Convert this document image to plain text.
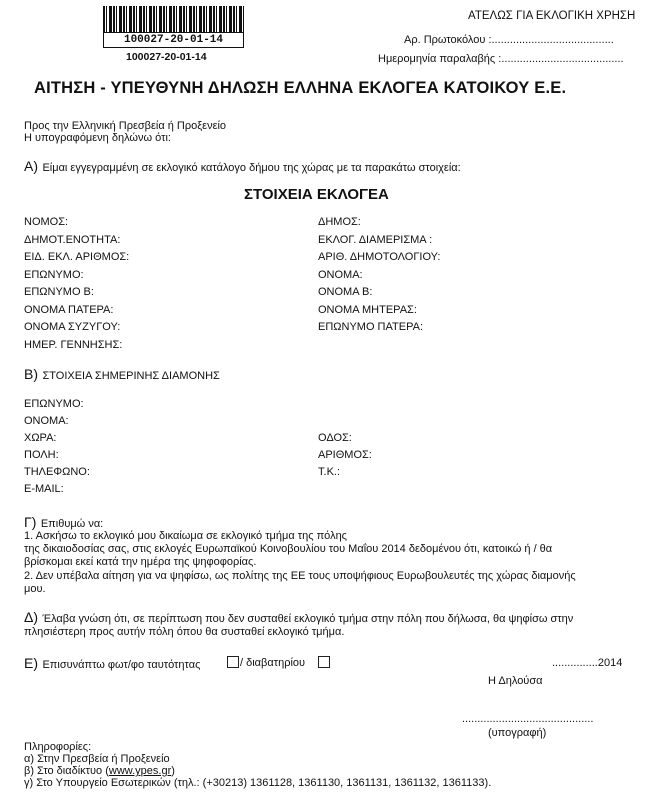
100027-20-01-14
100027-20-01-14
ΑΤΕΛΩΣ ΓΙΑ ΕΚΛΟΓΙΚΗ ΧΡΗΣΗ
Αρ. Πρωτοκόλου :........................................
Ημερομηνία παραλαβής :........................................
ΑΙΤΗΣΗ - ΥΠΕΥΘΥΝΗ ΔΗΛΩΣΗ ΕΛΛΗΝΑ ΕΚΛΟΓΕΑ ΚΑΤΟΙΚΟΥ Ε.Ε.
Προς την Ελληνική Πρεσβεία ή Προξενείο
Η υπογραφόμενη δηλώνω ότι:
Α) Είμαι εγγεγραμμένη σε εκλογικό κατάλογο δήμου της χώρας με τα παρακάτω στοιχεία:
ΣΤΟΙΧΕΙΑ ΕΚΛΟΓΕΑ
ΝΟΜΟΣ:
ΔΗΜΟΤ.ΕΝΟΤΗΤΑ:
ΕΙΔ. ΕΚΛ. ΑΡΙΘΜΟΣ:
ΕΠΩΝΥΜΟ:
ΕΠΩΝΥΜΟ Β:
ΟΝΟΜΑ ΠΑΤΕΡΑ:
ΟΝΟΜΑ ΣΥΖΥΓΟΥ:
ΗΜΕΡ. ΓΕΝΝΗΣΗΣ:
ΔΗΜΟΣ:
ΕΚΛΟΓ. ΔΙΑΜΕΡΙΣΜΑ :
ΑΡΙΘ. ΔΗΜΟΤΟΛΟΓΙΟΥ:
ΟΝΟΜΑ:
ΟΝΟΜΑ Β:
ΟΝΟΜΑ ΜΗΤΕΡΑΣ:
ΕΠΩΝΥΜΟ ΠΑΤΕΡΑ:
Β) ΣΤΟΙΧΕΙΑ ΣΗΜΕΡΙΝΗΣ ΔΙΑΜΟΝΗΣ
ΕΠΩΝΥΜΟ:
ΟΝΟΜΑ:
ΧΩΡΑ:
ΠΟΛΗ:
ΤΗΛΕΦΩΝΟ:
E-MAIL:
ΟΔΟΣ:
ΑΡΙΘΜΟΣ:
Τ.Κ.:
Γ) Επιθυμώ να:
1. Ασκήσω το εκλογικό μου δικαίωμα σε εκλογικό τμήμα της πόλης
της δικαιοδοσίας σας, στις εκλογές Ευρωπαϊκού Κοινοβουλίου του Μαΐου 2014 δεδομένου ότι, κατοικώ ή / θα
βρίσκομαι εκεί κατά την ημέρα της ψηφοφορίας.
2. Δεν υπέβαλα αίτηση για να ψηφίσω, ως πολίτης της ΕΕ τους υποψήφιους Ευρωβουλευτές της χώρας διαμονής
μου.
Δ) Έλαβα γνώση ότι, σε περίπτωση που δεν συσταθεί εκλογικό τμήμα στην πόλη που δήλωσα, θα ψηφίσω στην
πλησιέστερη προς αυτήν πόλη όπου θα συσταθεί εκλογικό τμήμα.
Ε) Επισυνάπτω φωτ/φο ταυτότητας	/ διαβατηρίου	...............2014
Η Δηλούσα
...........................................
(υπογραφή)
Πληροφορίες:
α) Στην Πρεσβεία ή Προξενείο
β) Στο διαδίκτυο (www.ypes.gr)
γ) Στο Υπουργείο Εσωτερικών (τηλ.: (+30213) 1361128, 1361130, 1361131, 1361132, 1361133).
